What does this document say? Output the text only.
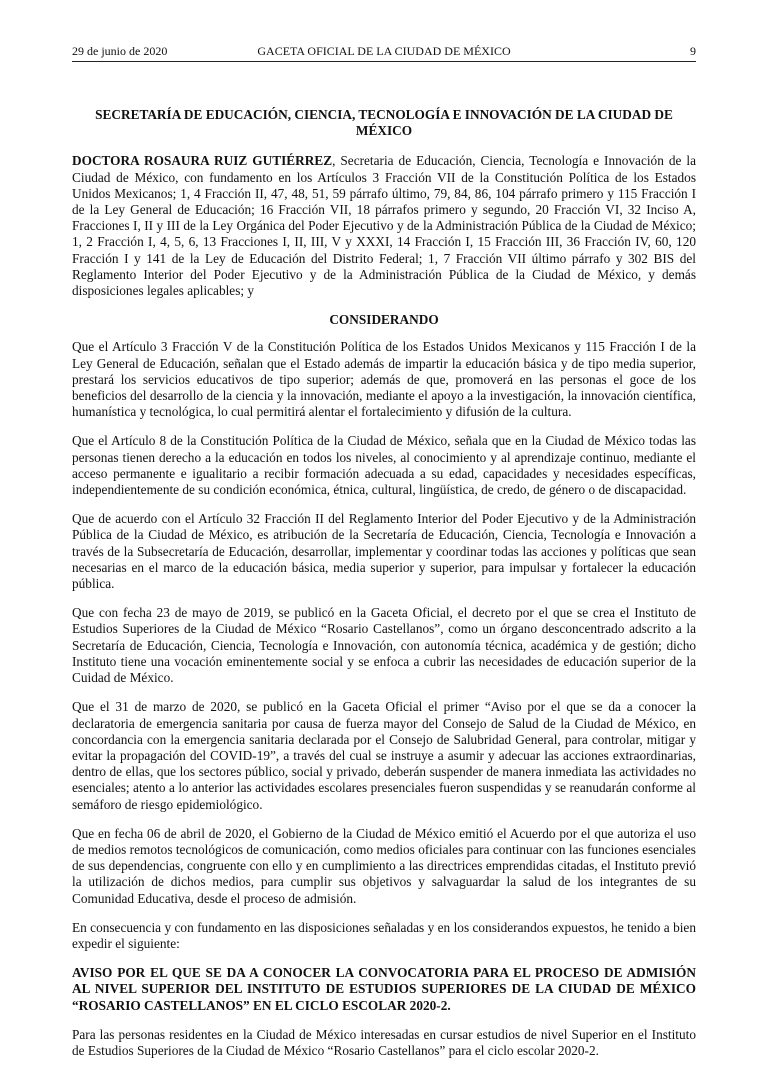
29 de junio de 2020	GACETA OFICIAL DE LA CIUDAD DE MÉXICO	9
SECRETARÍA DE EDUCACIÓN, CIENCIA, TECNOLOGÍA E INNOVACIÓN DE LA CIUDAD DE MÉXICO
DOCTORA ROSAURA RUIZ GUTIÉRREZ, Secretaria de Educación, Ciencia, Tecnología e Innovación de la Ciudad de México, con fundamento en los Artículos 3 Fracción VII de la Constitución Política de los Estados Unidos Mexicanos; 1, 4 Fracción II, 47, 48, 51, 59 párrafo último, 79, 84, 86, 104 párrafo primero y 115 Fracción I de la Ley General de Educación; 16 Fracción VII, 18 párrafos primero y segundo, 20 Fracción VI, 32 Inciso A, Fracciones I, II y III de la Ley Orgánica del Poder Ejecutivo y de la Administración Pública de la Ciudad de México; 1, 2 Fracción I, 4, 5, 6, 13 Fracciones I, II, III, V y XXXI, 14 Fracción I, 15 Fracción III, 36 Fracción IV, 60, 120 Fracción I y 141 de la Ley de Educación del Distrito Federal; 1, 7 Fracción VII último párrafo y 302 BIS del Reglamento Interior del Poder Ejecutivo y de la Administración Pública de la Ciudad de México, y demás disposiciones legales aplicables; y
CONSIDERANDO
Que el Artículo 3 Fracción V de la Constitución Política de los Estados Unidos Mexicanos y 115 Fracción I de la Ley General de Educación, señalan que el Estado además de impartir la educación básica y de tipo media superior, prestará los servicios educativos de tipo superior; además de que, promoverá en las personas el goce de los beneficios del desarrollo de la ciencia y la innovación, mediante el apoyo a la investigación, la innovación científica, humanística y tecnológica, lo cual permitirá alentar el fortalecimiento y difusión de la cultura.
Que el Artículo 8 de la Constitución Política de la Ciudad de México, señala que en la Ciudad de México todas las personas tienen derecho a la educación en todos los niveles, al conocimiento y al aprendizaje continuo, mediante el acceso permanente e igualitario a recibir formación adecuada a su edad, capacidades y necesidades específicas, independientemente de su condición económica, étnica, cultural, lingüística, de credo, de género o de discapacidad.
Que de acuerdo con el Artículo 32 Fracción II del Reglamento Interior del Poder Ejecutivo y de la Administración Pública de la Ciudad de México, es atribución de la Secretaría de Educación, Ciencia, Tecnología e Innovación a través de la Subsecretaría de Educación, desarrollar, implementar y coordinar todas las acciones y políticas que sean necesarias en el marco de la educación básica, media superior y superior, para impulsar y fortalecer la educación pública.
Que con fecha 23 de mayo de 2019, se publicó en la Gaceta Oficial, el decreto por el que se crea el Instituto de Estudios Superiores de la Ciudad de México “Rosario Castellanos”, como un órgano desconcentrado adscrito a la Secretaría de Educación, Ciencia, Tecnología e Innovación, con autonomía técnica, académica y de gestión; dicho Instituto tiene una vocación eminentemente social y se enfoca a cubrir las necesidades de educación superior de la Cuidad de México.
Que el 31 de marzo de 2020, se publicó en la Gaceta Oficial el primer “Aviso por el que se da a conocer la declaratoria de emergencia sanitaria por causa de fuerza mayor del Consejo de Salud de la Ciudad de México, en concordancia con la emergencia sanitaria declarada por el Consejo de Salubridad General, para controlar, mitigar y evitar la propagación del COVID-19”, a través del cual se instruye a asumir y adecuar las acciones extraordinarias, dentro de ellas, que los sectores público, social y privado, deberán suspender de manera inmediata las actividades no esenciales; atento a lo anterior las actividades escolares presenciales fueron suspendidas y se reanudarán conforme al semáforo de riesgo epidemiológico.
Que en fecha 06 de abril de 2020, el Gobierno de la Ciudad de México emitió el Acuerdo por el que autoriza el uso de medios remotos tecnológicos de comunicación, como medios oficiales para continuar con las funciones esenciales de sus dependencias, congruente con ello y en cumplimiento a las directrices emprendidas citadas, el Instituto previó la utilización de dichos medios, para cumplir sus objetivos y salvaguardar la salud de los integrantes de su Comunidad Educativa, desde el proceso de admisión.
En consecuencia y con fundamento en las disposiciones señaladas y en los considerandos expuestos, he tenido a bien expedir el siguiente:
AVISO POR EL QUE SE DA A CONOCER LA CONVOCATORIA PARA EL PROCESO DE ADMISIÓN AL NIVEL SUPERIOR DEL INSTITUTO DE ESTUDIOS SUPERIORES DE LA CIUDAD DE MÉXICO “ROSARIO CASTELLANOS” EN EL CICLO ESCOLAR 2020-2.
Para las personas residentes en la Ciudad de México interesadas en cursar estudios de nivel Superior en el Instituto de Estudios Superiores de la Ciudad de México “Rosario Castellanos” para el ciclo escolar 2020-2.
